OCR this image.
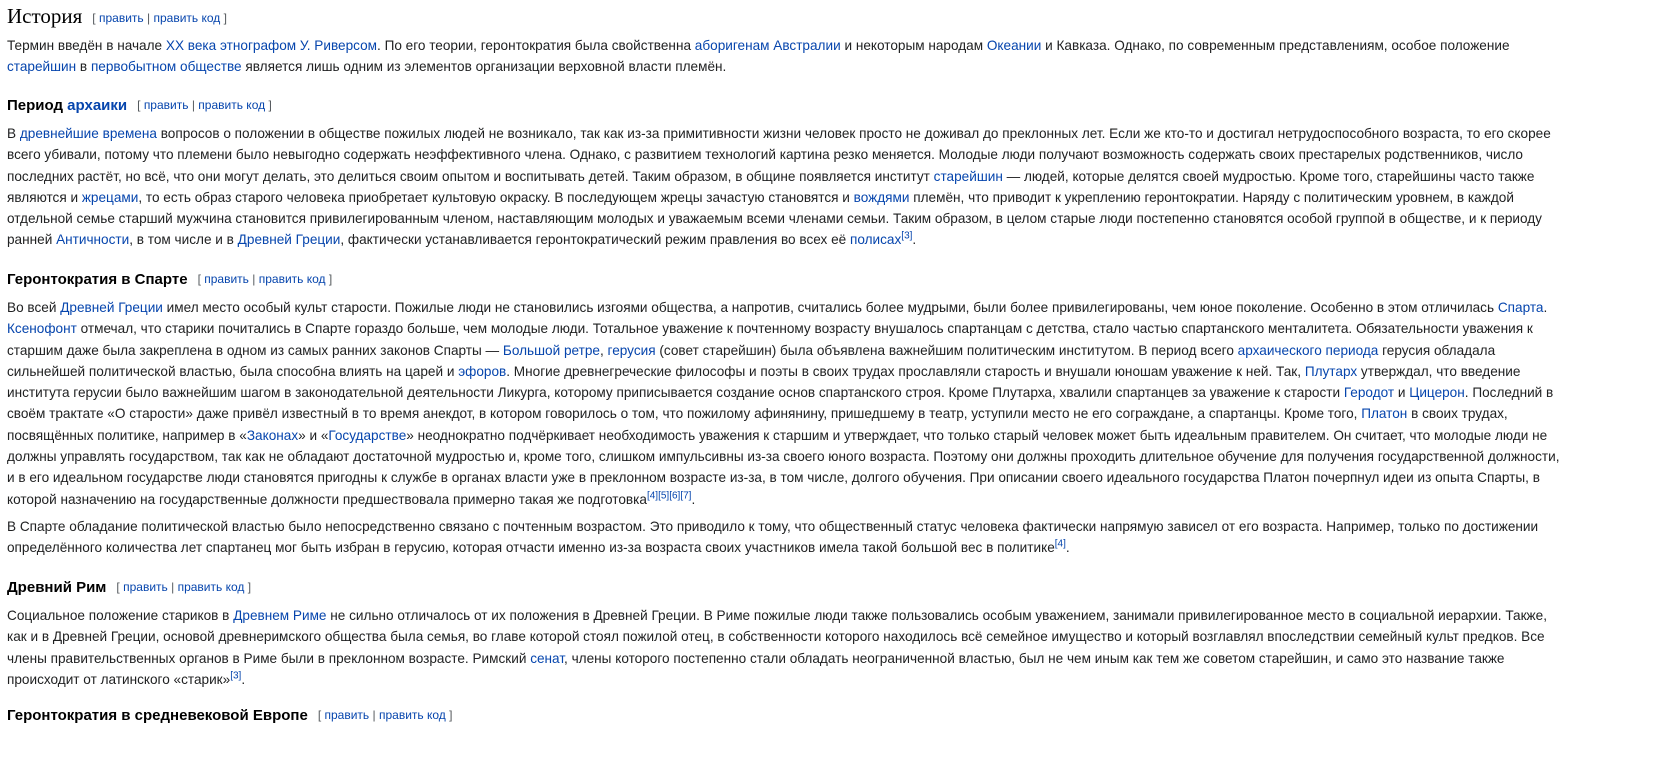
История [ править | править код ]

Термин введён в начале XX века этнографом У. Риверсом. По его теории, геронтократия была свойственна аборигенам Австралии и некоторым народам Океании и Кавказа. Однако, по современным представлениям, особое положение старейшин в первобытном обществе является лишь одним из элементов организации верховной власти племён.

Период архаики [ править | править код ]

В древнейшие времена вопросов о положении в обществе пожилых людей не возникало, так как из-за примитивности жизни человек просто не доживал до преклонных лет. Если же кто-то и достигал нетрудоспособного возраста, то его скорее всего убивали, потому что племени было невыгодно содержать неэффективного члена. Однако, с развитием технологий картина резко меняется. Молодые люди получают возможность содержать своих престарелых родственников, число последних растёт, но всё, что они могут делать, это делиться своим опытом и воспитывать детей. Таким образом, в общине появляется институт старейшин — людей, которые делятся своей мудростью. Кроме того, старейшины часто также являются и жрецами, то есть образ старого человека приобретает культовую окраску. В последующем жрецы зачастую становятся и вождями племён, что приводит к укреплению геронтократии. Наряду с политическим уровнем, в каждой отдельной семье старший мужчина становится привилегированным членом, наставляющим молодых и уважаемым всеми членами семьи. Таким образом, в целом старые люди постепенно становятся особой группой в обществе, и к периоду ранней Античности, в том числе и в Древней Греции, фактически устанавливается геронтократический режим правления во всех её полисах[3].

Геронтократия в Спарте [ править | править код ]

Во всей Древней Греции имел место особый культ старости. Пожилые люди не становились изгоями общества, а напротив, считались более мудрыми, были более привилегированы, чем юное поколение. Особенно в этом отличилась Спарта. Ксенофонт отмечал, что старики почитались в Спарте гораздо больше, чем молодые люди. Тотальное уважение к почтенному возрасту внушалось спартанцам с детства, стало частью спартанского менталитета. Обязательности уважения к старшим даже была закреплена в одном из самых ранних законов Спарты — Большой ретре, герусия (совет старейшин) была объявлена важнейшим политическим институтом. В период всего архаического периода герусия обладала сильнейшей политической властью, была способна влиять на царей и эфоров. Многие древнегреческие философы и поэты в своих трудах прославляли старость и внушали юношам уважение к ней. Так, Плутарх утверждал, что введение института герусии было важнейшим шагом в законодательной деятельности Ликурга, которому приписывается создание основ спартанского строя. Кроме Плутарха, хвалили спартанцев за уважение к старости Геродот и Цицерон. Последний в своём трактате «О старости» даже привёл известный в то время анекдот, в котором говорилось о том, что пожилому афинянину, пришедшему в театр, уступили место не его сограждане, а спартанцы. Кроме того, Платон в своих трудах, посвящённых политике, например в «Законах» и «Государстве» неоднократно подчёркивает необходимость уважения к старшим и утверждает, что только старый человек может быть идеальным правителем. Он считает, что молодые люди не должны управлять государством, так как не обладают достаточной мудростью и, кроме того, слишком импульсивны из-за своего юного возраста. Поэтому они должны проходить длительное обучение для получения государственной должности, и в его идеальном государстве люди становятся пригодны к службе в органах власти уже в преклонном возрасте из-за, в том числе, долгого обучения. При описании своего идеального государства Платон почерпнул идеи из опыта Спарты, в которой назначению на государственные должности предшествовала примерно такая же подготовка[4][5][6][7].

В Спарте обладание политической властью было непосредственно связано с почтенным возрастом. Это приводило к тому, что общественный статус человека фактически напрямую зависел от его возраста. Например, только по достижении определённого количества лет спартанец мог быть избран в герусию, которая отчасти именно из-за возраста своих участников имела такой большой вес в политике[4].

Древний Рим [ править | править код ]

Социальное положение стариков в Древнем Риме не сильно отличалось от их положения в Древней Греции. В Риме пожилые люди также пользовались особым уважением, занимали привилегированное место в социальной иерархии. Также, как и в Древней Греции, основой древнеримского общества была семья, во главе которой стоял пожилой отец, в собственности которого находилось всё семейное имущество и который возглавлял впоследствии семейный культ предков. Все члены правительственных органов в Риме были в преклонном возрасте. Римский сенат, члены которого постепенно стали обладать неограниченной властью, был не чем иным как тем же советом старейшин, и само это название также происходит от латинского «старик»[3].

Геронтократия в средневековой Европе [ править | править код ]
